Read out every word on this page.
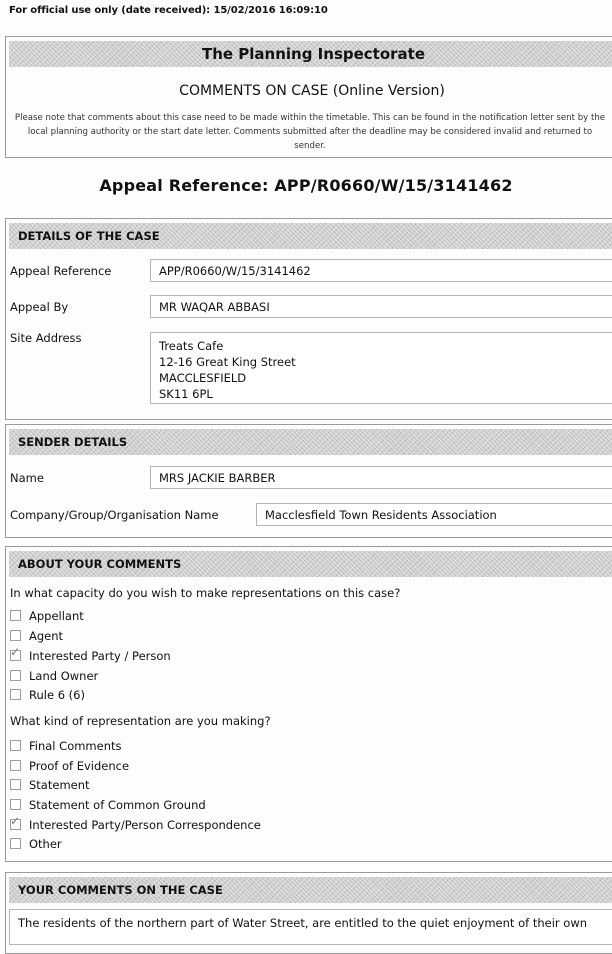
For official use only (date received): 15/02/2016 16:09:10
The Planning Inspectorate
COMMENTS ON CASE (Online Version)
Please note that comments about this case need to be made within the timetable. This can be found in the notification letter sent by the
local planning authority or the start date letter. Comments submitted after the deadline may be considered invalid and returned to
sender.
Appeal Reference: APP/R0660/W/15/3141462
DETAILS OF THE CASE
Appeal Reference	APP/R0660/W/15/3141462
Appeal By	MR WAQAR ABBASI
Site Address
Treats Cafe
12-16 Great King Street
MACCLESFIELD
SK11 6PL
SENDER DETAILS
Name	MRS JACKIE BARBER
Company/Group/Organisation Name	Macclesfield Town Residents Association
ABOUT YOUR COMMENTS
In what capacity do you wish to make representations on this case?
Appellant
Agent
✓ Interested Party / Person
Land Owner
Rule 6 (6)
What kind of representation are you making?
Final Comments
Proof of Evidence
Statement
Statement of Common Ground
✓ Interested Party/Person Correspondence
Other
YOUR COMMENTS ON THE CASE
The residents of the northern part of Water Street, are entitled to the quiet enjoyment of their own
